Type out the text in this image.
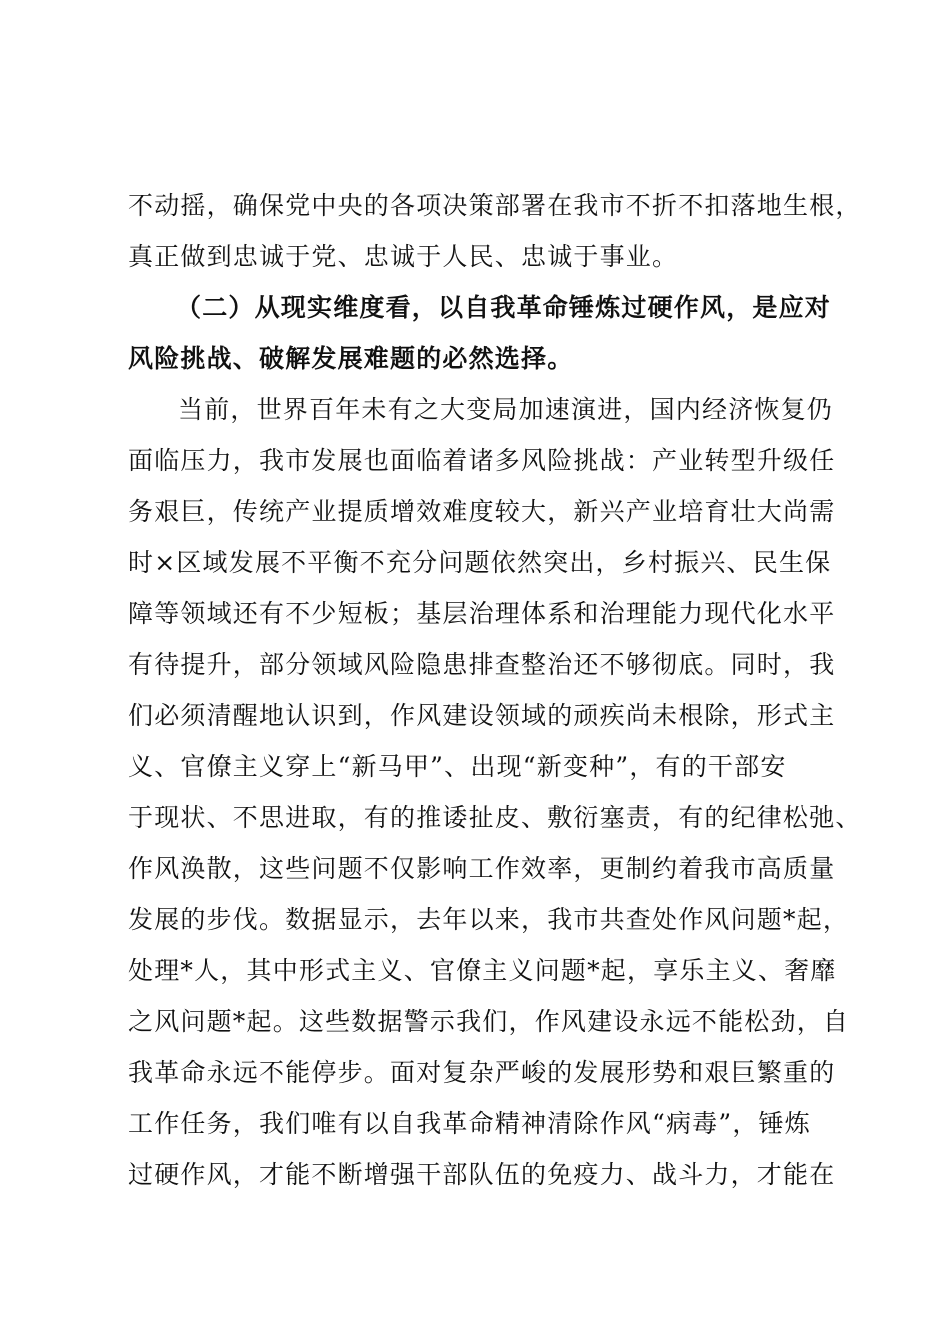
不动摇，确保党中央的各项决策部署在我市不折不扣落地生根，
真正做到忠诚于党、忠诚于人民、忠诚于事业。
（二）从现实维度看，以自我革命锤炼过硬作风，是应对
风险挑战、破解发展难题的必然选择。
当前，世界百年未有之大变局加速演进，国内经济恢复仍
面临压力，我市发展也面临着诸多风险挑战：产业转型升级任
务艰巨，传统产业提质增效难度较大，新兴产业培育壮大尚需
时×区域发展不平衡不充分问题依然突出，乡村振兴、民生保
障等领域还有不少短板；基层治理体系和治理能力现代化水平
有待提升，部分领域风险隐患排查整治还不够彻底。同时，我
们必须清醒地认识到，作风建设领域的顽疾尚未根除，形式主
义、官僚主义穿上“新马甲”、出现“新变种”，有的干部安
于现状、不思进取，有的推诿扯皮、敷衍塞责，有的纪律松弛、
作风涣散，这些问题不仅影响工作效率，更制约着我市高质量
发展的步伐。数据显示，去年以来，我市共查处作风问题*起，
处理*人，其中形式主义、官僚主义问题*起，享乐主义、奢靡
之风问题*起。这些数据警示我们，作风建设永远不能松劲，自
我革命永远不能停步。面对复杂严峻的发展形势和艰巨繁重的
工作任务，我们唯有以自我革命精神清除作风“病毒”，锤炼
过硬作风，才能不断增强干部队伍的免疫力、战斗力，才能在
